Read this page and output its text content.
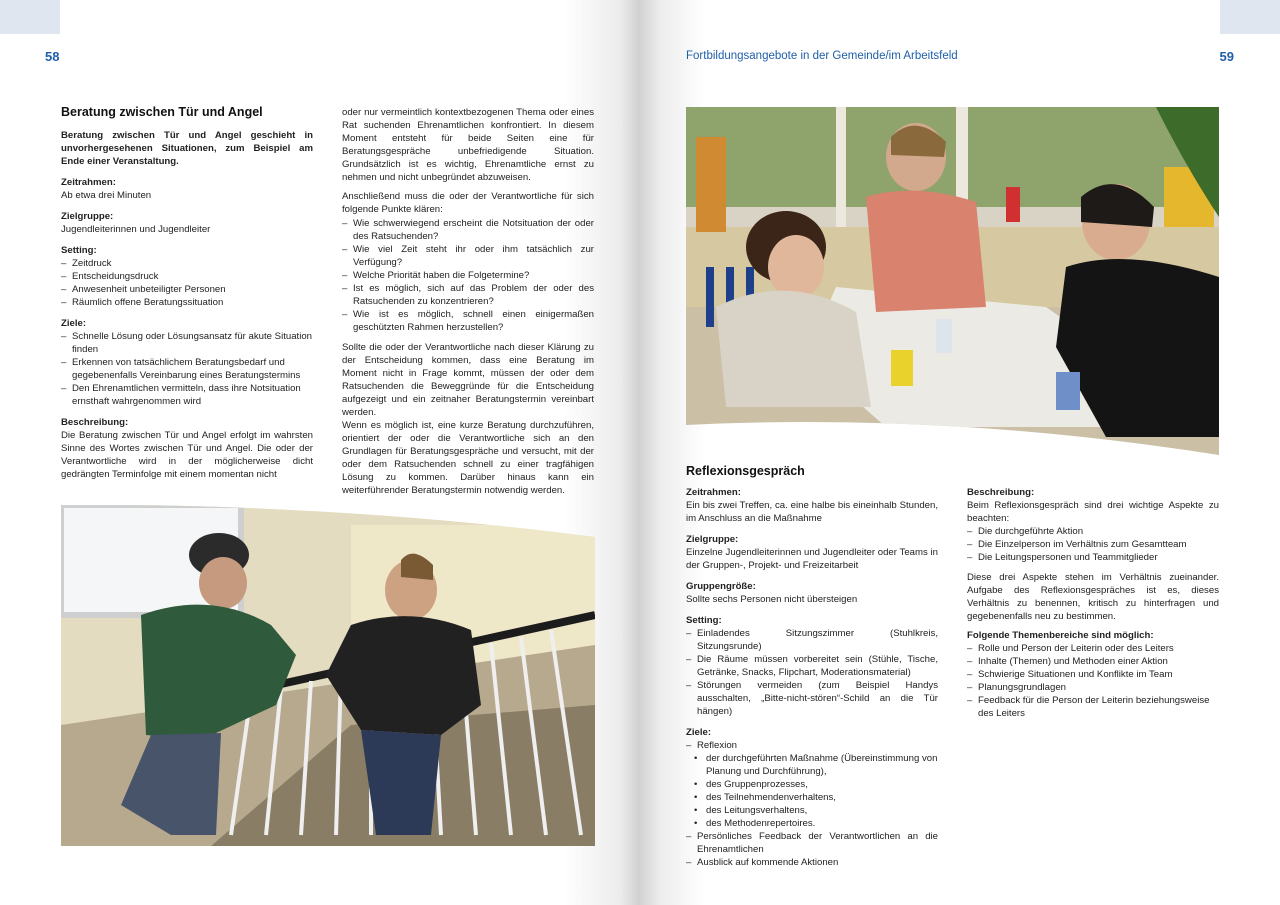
58
Beratung zwischen Tür und Angel
Beratung zwischen Tür und Angel geschieht in unvorhergesehenen Situationen, zum Beispiel am Ende einer Veranstaltung.
Zeitrahmen:
Ab etwa drei Minuten
Zielgruppe:
Jugendleiterinnen und Jugendleiter
Setting:
– Zeitdruck
– Entscheidungsdruck
– Anwesenheit unbeteiligter Personen
– Räumlich offene Beratungssituation
Ziele:
– Schnelle Lösung oder Lösungsansatz für akute Situation finden
– Erkennen von tatsächlichem Beratungsbedarf und gegebenenfalls Vereinbarung eines Beratungstermins
– Den Ehrenamtlichen vermitteln, dass ihre Notsituation ernsthaft wahrgenommen wird
Beschreibung:

Die Beratung zwischen Tür und Angel erfolgt im wahrsten Sinne des Wortes zwischen Tür und Angel. Die oder der Verantwortliche wird in der möglicherweise dicht gedrängten Terminfolge mit einem momentan nicht

oder nur vermeintlich kontextbezogenen Thema oder eines Rat suchenden Ehrenamtlichen konfrontiert. In diesem Moment entsteht für beide Seiten eine für Beratungsgespräche unbefriedigende Situation. Grundsätzlich ist es wichtig, Ehrenamtliche ernst zu nehmen und nicht unbegründet abzuweisen.

Anschließend muss die oder der Verantwortliche für sich folgende Punkte klären:

– Wie schwerwiegend erscheint die Notsituation der oder des Ratsuchenden?
– Wie viel Zeit steht ihr oder ihm tatsächlich zur Verfügung?
– Welche Priorität haben die Folgetermine?
– Ist es möglich, sich auf das Problem der oder des Ratsuchenden zu konzentrieren?
– Wie ist es möglich, schnell einen einigermaßen geschützten Rahmen herzustellen?

Sollte die oder der Verantwortliche nach dieser Klärung zu der Entscheidung kommen, dass eine Beratung im Moment nicht in Frage kommt, müssen der oder dem Ratsuchenden die Beweggründe für die Entscheidung aufgezeigt und ein zeitnaher Beratungstermin vereinbart werden.

Wenn es möglich ist, eine kurze Beratung durchzuführen, orientiert der oder die Verantwortliche sich an den Grundlagen für Beratungsgespräche und versucht, mit der oder dem Ratsuchenden schnell zu einer tragfähigen Lösung zu kommen. Darüber hinaus kann ein weiterführender Beratungstermin notwendig werden.

Fortbildungsangebote in der Gemeinde/im Arbeitsfeld	59
Reflexionsgespräch
Zeitrahmen:

Ein bis zwei Treffen, ca. eine halbe bis eineinhalb Stunden, im Anschluss an die Maßnahme

Zielgruppe:

Einzelne Jugendleiterinnen und Jugendleiter oder Teams in der Gruppen-, Projekt- und Freizeitarbeit

Gruppengröße:
Sollte sechs Personen nicht übersteigen
Setting:
– Einladendes Sitzungszimmer (Stuhlkreis, Sitzungsrunde)
– Die Räume müssen vorbereitet sein (Stühle, Tische, Getränke, Snacks, Flipchart, Moderationsmaterial)
– Störungen vermeiden (zum Beispiel Handys ausschalten, „Bitte-nicht-stören“-Schild an die Tür hängen)
Ziele:
– Reflexion
• der durchgeführten Maßnahme (Übereinstimmung von Planung und Durchführung),
• des Gruppenprozesses,
• des Teilnehmendenverhaltens,
• des Leitungsverhaltens,
• des Methodenrepertoires.
– Persönliches Feedback der Verantwortlichen an die Ehrenamtlichen
– Ausblick auf kommende Aktionen
Beschreibung:

Beim Reflexionsgespräch sind drei wichtige Aspekte zu beachten:

– Die durchgeführte Aktion
– Die Einzelperson im Verhältnis zum Gesamtteam
– Die Leitungspersonen und Teammitglieder

Diese drei Aspekte stehen im Verhältnis zueinander. Aufgabe des Reflexionsgespräches ist es, dieses Verhältnis zu benennen, kritisch zu hinterfragen und gegebenenfalls neu zu bestimmen.

Folgende Themenbereiche sind möglich:
– Rolle und Person der Leiterin oder des Leiters
– Inhalte (Themen) und Methoden einer Aktion
– Schwierige Situationen und Konflikte im Team
– Planungsgrundlagen
– Feedback für die Person der Leiterin beziehungsweise des Leiters
